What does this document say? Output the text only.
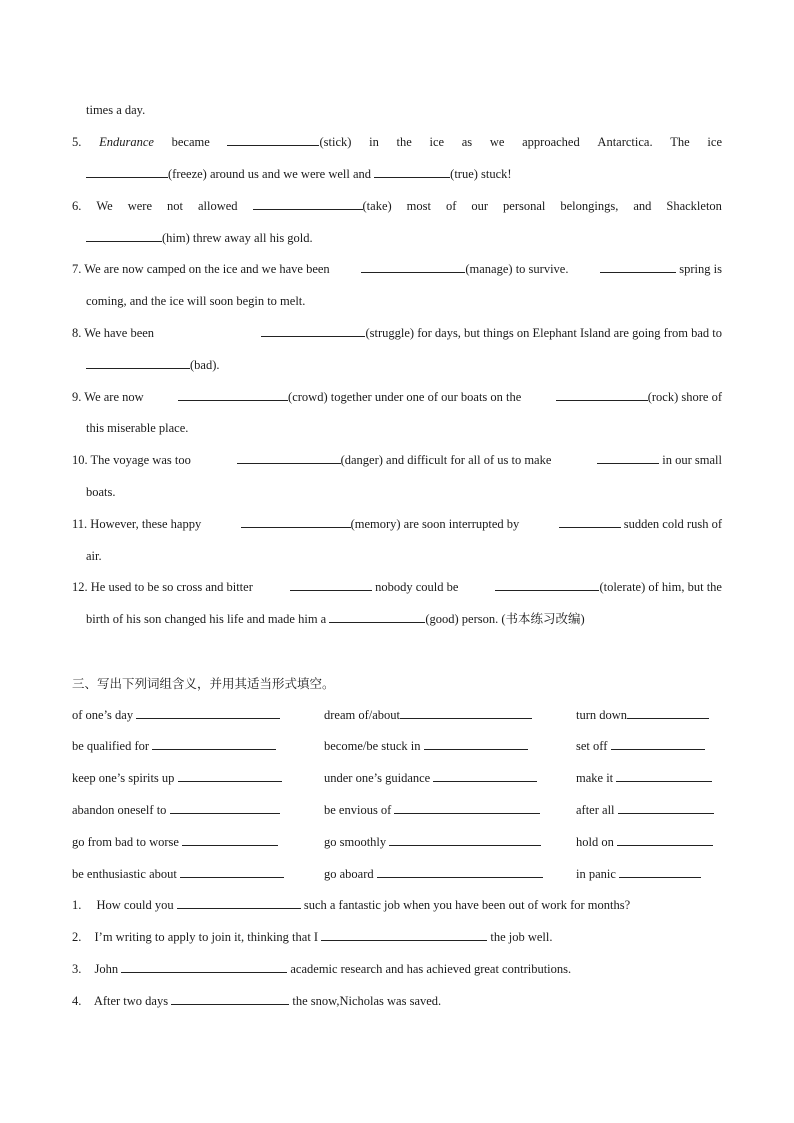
times a day.
5. Endurance became	(stick) in the ice as we approached Antarctica. The ice
(freeze) around us and we were well and	(true) stuck!
6. We were not allowed	(take) most of our personal belongings, and Shackleton
(him) threw away all his gold.
7. We are now camped on the ice and we have been	(manage) to survive.	spring is
coming, and the ice will soon begin to melt.
8. We have been	(struggle) for days, but things on Elephant Island are going from bad to
(bad).
9. We are now	(crowd) together under one of our boats on the	(rock) shore of
this miserable place.
10. The voyage was too	(danger) and difficult for all of us to make	in our small
boats.
11. However, these happy	(memory) are soon interrupted by	sudden cold rush of
air.
12. He used to be so cross and bitter	nobody could be	(tolerate) of him, but the
birth of his son changed his life and made him a	(good) person. (书本练习改编)
三、写出下列词组含义，并用其适当形式填空。
of one’s day	dream of/about	turn down
be qualified for	become/be stuck in	set off
keep one’s spirits up	under one’s guidance	make it
abandon oneself to	be envious of	after all
go from bad to worse	go smoothly	hold on
be enthusiastic about	go aboard	in panic
1. How could you	such a fantastic job when you have been out of work for months?
2. I’m writing to apply to join it, thinking that I	the job well.
3. John	academic research and has achieved great contributions.
4. After two days	the snow,Nicholas was saved.
